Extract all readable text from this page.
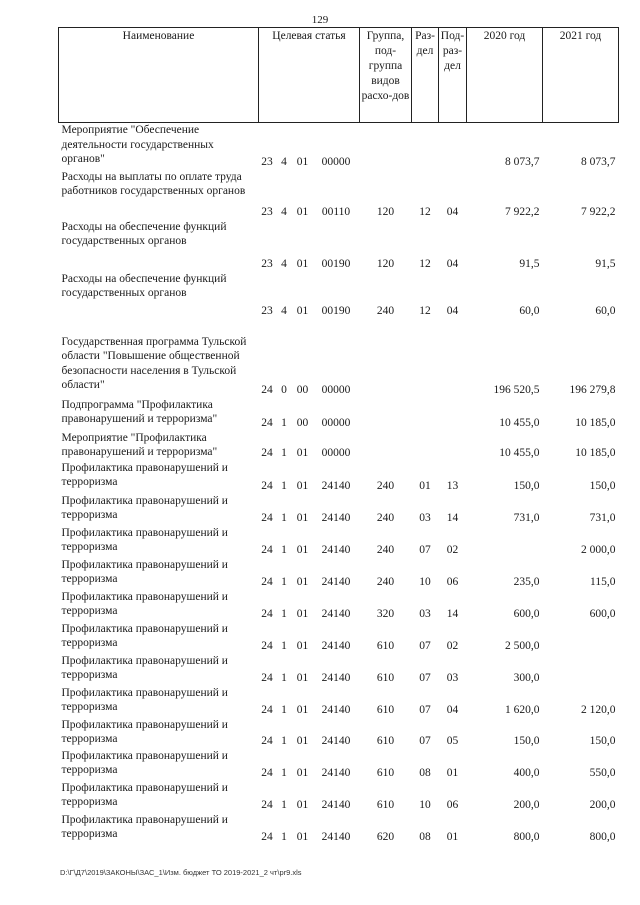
129
Наименование	Целевая статья				Группа, под-группа видов расхо-дов	Раз-дел	Под-раз-дел	2020 год	2021 год
Мероприятие "Обеспечение деятельности государственных органов"	23	4	01	00000				8 073,7	8 073,7
Расходы на выплаты по оплате труда работников государственных органов	23	4	01	00110	120	12	04	7 922,2	7 922,2
Расходы на обеспечение функций государственных органов	23	4	01	00190	120	12	04	91,5	91,5
Расходы на обеспечение функций государственных органов	23	4	01	00190	240	12	04	60,0	60,0
Государственная программа Тульской области "Повышение общественной безопасности населения в Тульской области"	24	0	00	00000				196 520,5	196 279,8
Подпрограмма "Профилактика правонарушений и терроризма"	24	1	00	00000				10 455,0	10 185,0
Мероприятие "Профилактика правонарушений и терроризма"	24	1	01	00000				10 455,0	10 185,0
Профилактика правонарушений и терроризма	24	1	01	24140	240	01	13	150,0	150,0
Профилактика правонарушений и терроризма	24	1	01	24140	240	03	14	731,0	731,0
Профилактика правонарушений и терроризма	24	1	01	24140	240	07	02		2 000,0
Профилактика правонарушений и терроризма	24	1	01	24140	240	10	06	235,0	115,0
Профилактика правонарушений и терроризма	24	1	01	24140	320	03	14	600,0	600,0
Профилактика правонарушений и терроризма	24	1	01	24140	610	07	02	2 500,0	
Профилактика правонарушений и терроризма	24	1	01	24140	610	07	03	300,0	
Профилактика правонарушений и терроризма	24	1	01	24140	610	07	04	1 620,0	2 120,0
Профилактика правонарушений и терроризма	24	1	01	24140	610	07	05	150,0	150,0
Профилактика правонарушений и терроризма	24	1	01	24140	610	08	01	400,0	550,0
Профилактика правонарушений и терроризма	24	1	01	24140	610	10	06	200,0	200,0
Профилактика правонарушений и терроризма	24	1	01	24140	620	08	01	800,0	800,0
D:\Г\Д7\2019\ЗАКОНЫ\ЗАС_1\Изм. бюджет ТО 2019-2021_2 чт\pr9.xls
